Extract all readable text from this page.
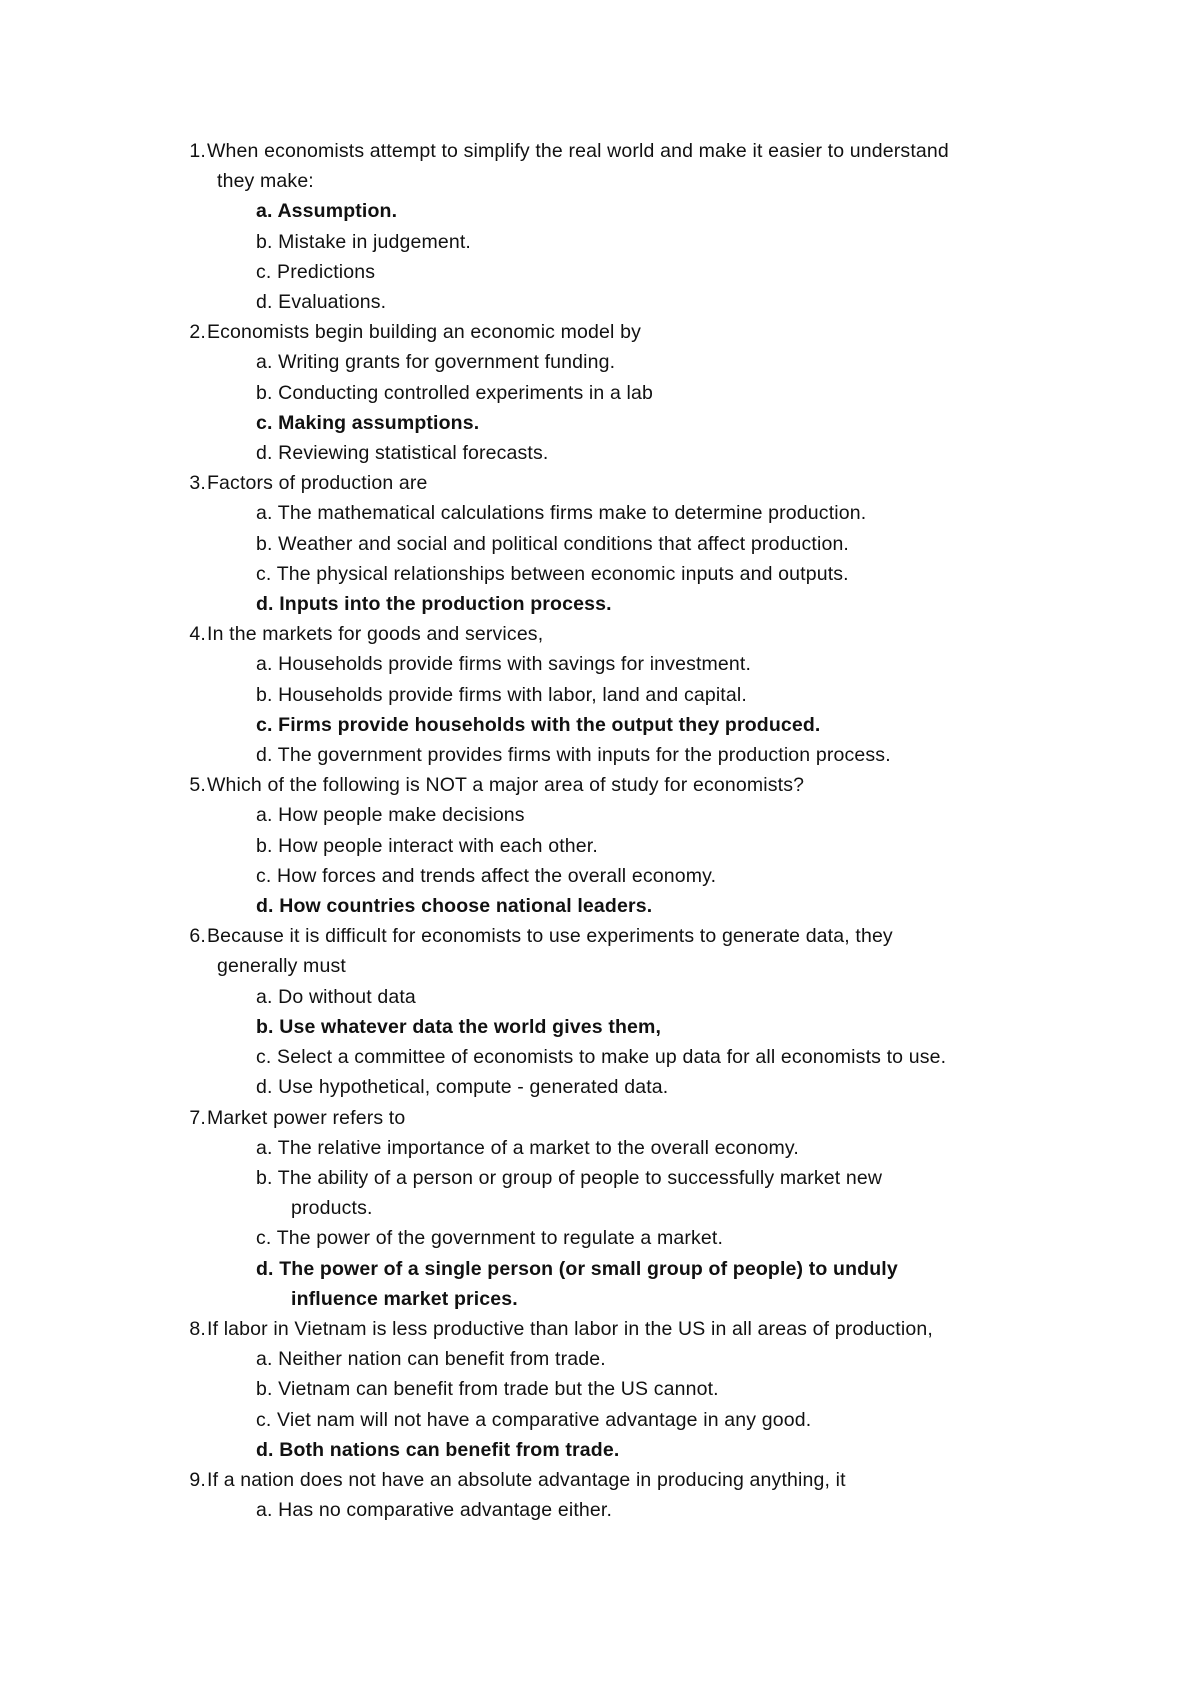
1. When economists attempt to simplify the real world and make it easier to understand
they make:
a. Assumption.
b. Mistake in judgement.
c. Predictions
d. Evaluations.
2. Economists begin building an economic model by
a. Writing grants for government funding.
b. Conducting controlled experiments in a lab
c. Making assumptions.
d. Reviewing statistical forecasts.
3. Factors of production are
a. The mathematical calculations firms make to determine production.
b. Weather and social and political conditions that affect production.
c. The physical relationships between economic inputs and outputs.
d. Inputs into the production process.
4. In the markets for goods and services,
a. Households provide firms with savings for investment.
b. Households provide firms with labor, land and capital.
c. Firms provide households with the output they produced.
d. The government provides firms with inputs for the production process.
5. Which of the following is NOT a major area of study for economists?
a. How people make decisions
b. How people interact with each other.
c. How forces and trends affect the overall economy.
d. How countries choose national leaders.
6. Because it is difficult for economists to use experiments to generate data, they
generally must
a. Do without data
b. Use whatever data the world gives them,
c. Select a committee of economists to make up data for all economists to use.
d. Use hypothetical, compute - generated data.
7. Market power refers to
a. The relative importance of a market to the overall economy.
b. The ability of a person or group of people to successfully market new
products.
c. The power of the government to regulate a market.
d. The power of a single person (or small group of people) to unduly
influence market prices.
8. If labor in Vietnam is less productive than labor in the US in all areas of production,
a. Neither nation can benefit from trade.
b. Vietnam can benefit from trade but the US cannot.
c. Viet nam will not have a comparative advantage in any good.
d. Both nations can benefit from trade.
9. If a nation does not have an absolute advantage in producing anything, it
a. Has no comparative advantage either.
